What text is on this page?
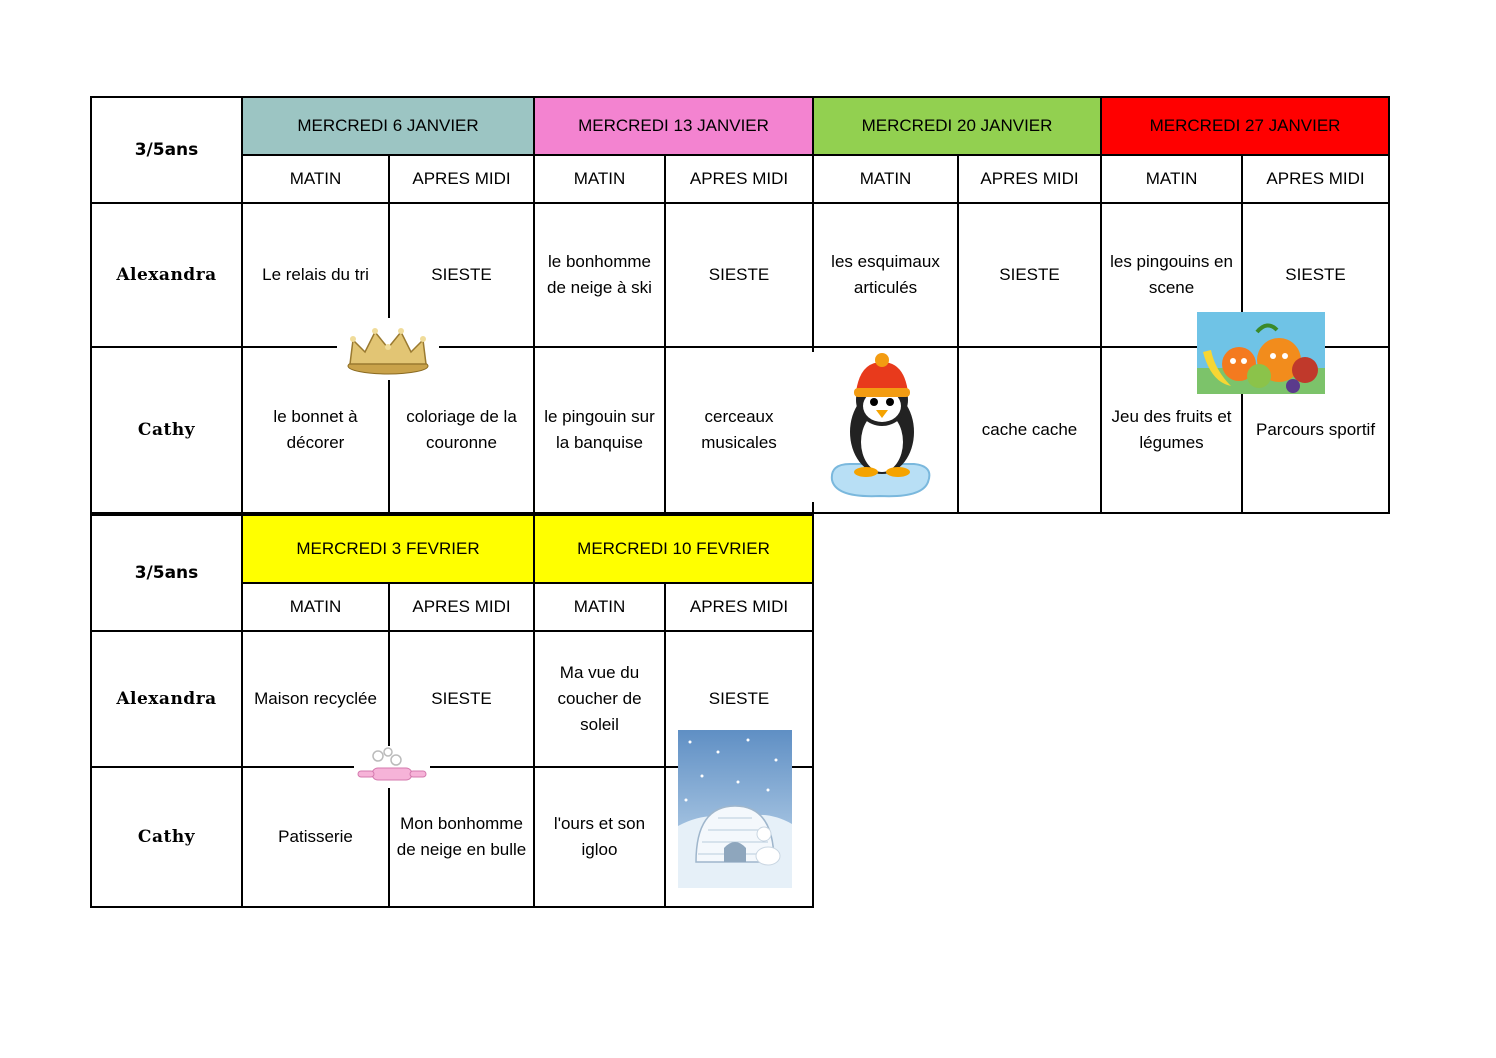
3/5ans	MERCREDI 6 JANVIER		MERCREDI 13 JANVIER		MERCREDI 20 JANVIER		MERCREDI 27 JANVIER	
	MATIN	APRES MIDI	MATIN	APRES MIDI	MATIN	APRES MIDI	MATIN	APRES MIDI
Alexandra	Le relais du tri	SIESTE	le bonhomme de neige à ski	SIESTE	les esquimaux articulés	SIESTE	les pingouins en scene	SIESTE
Cathy	le bonnet à décorer	coloriage de la couronne	le pingouin sur la banquise	cerceaux musicales		cache cache	Jeu des fruits et légumes	Parcours sportif
3/5ans	MERCREDI 3 FEVRIER		MERCREDI 10 FEVRIER	
	MATIN	APRES MIDI	MATIN	APRES MIDI
Alexandra	Maison recyclée	SIESTE	Ma vue du coucher de soleil	SIESTE
Cathy	Patisserie	Mon bonhomme de neige en bulle	l'ours et son igloo	
